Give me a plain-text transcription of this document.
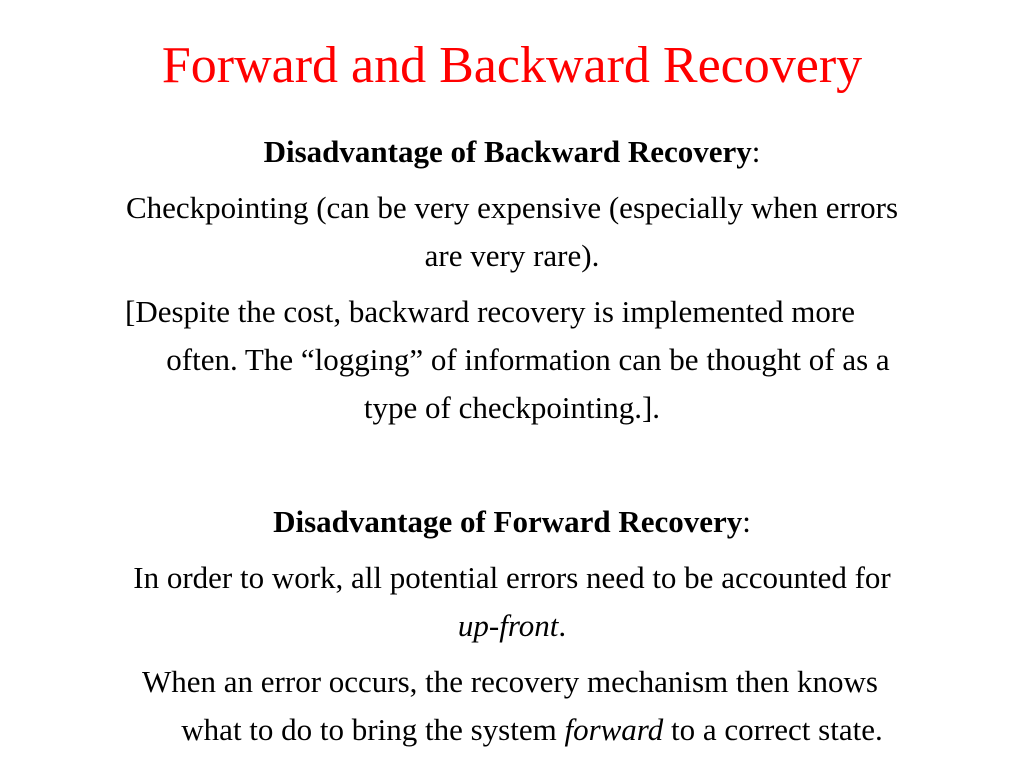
Forward and Backward Recovery
Disadvantage of Backward Recovery:
Checkpointing (can be very expensive (especially when errors
are very rare).
[Despite the cost, backward recovery is implemented more
often. The “logging” of information can be thought of as a
type of checkpointing.].
Disadvantage of Forward Recovery:
In order to work, all potential errors need to be accounted for
up-front.
When an error occurs, the recovery mechanism then knows
what to do to bring the system forward to a correct state.
